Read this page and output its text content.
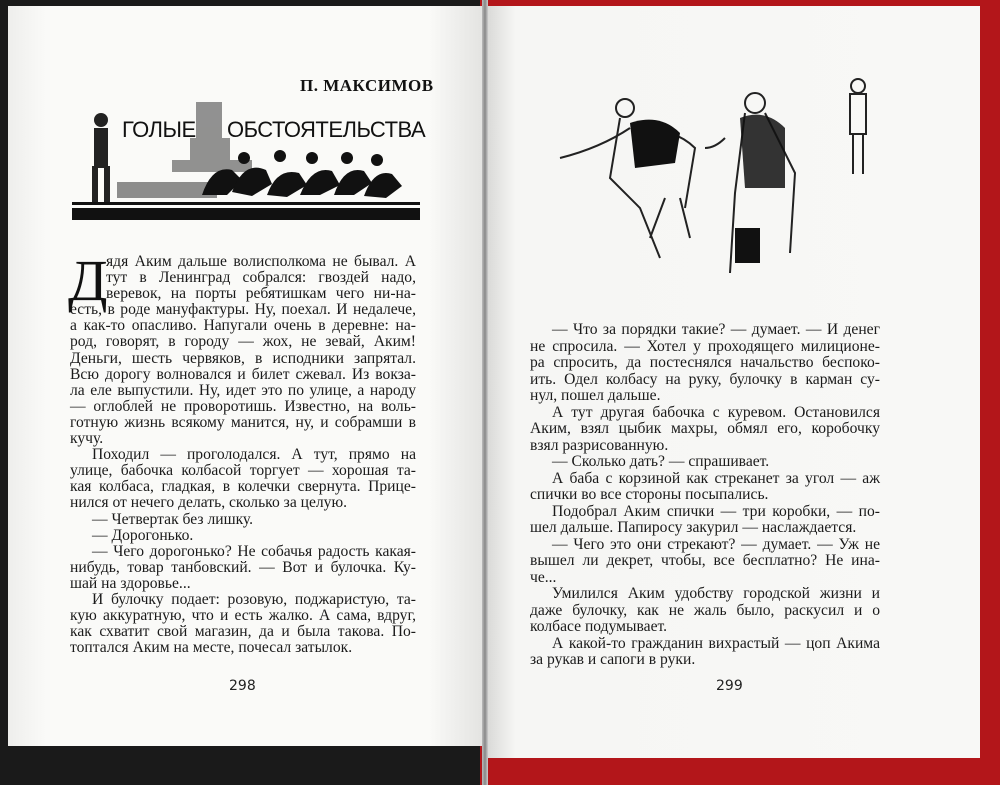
П. МАКСИМОВ
ГОЛЫЕ ОБСТОЯТЕЛЬСТВА
Д
ядя Аким дальше волисполкома не бывал. А
тут в Ленинград собрался: гвоздей надо,
веревок, на порты ребятишкам чего ни-на-
есть, в роде мануфактуры. Ну, поехал. И недалече,
а как-то опасливо. Напугали очень в деревне: на-
род, говорят, в городу — жох, не зевай, Аким!
Деньги, шесть червяков, в исподники запрятал.
Всю дорогу волновался и билет сжевал. Из вокза-
ла еле выпустили. Ну, идет это по улице, а народу
— оглоблей не проворотишь. Известно, на воль-
готную жизнь всякому манится, ну, и собрамши в
кучу.
Походил — проголодался. А тут, прямо на
улице, бабочка колбасой торгует — хорошая та-
кая колбаса, гладкая, в колечки свернута. Прице-
нился от нечего делать, сколько за целую.
— Четвертак без лишку.
— Дорогонько.
— Чего дорогонько? Не собачья радость какая-
нибудь, товар танбовский. — Вот и булочка. Ку-
шай на здоровье...
И булочку подает: розовую, поджаристую, та-
кую аккуратную, что и есть жалко. А сама, вдруг,
как схватит свой магазин, да и была такова. По-
топтался Аким на месте, почесал затылок.
— Что за порядки такие? — думает. — И денег
не спросила. — Хотел у проходящего милиционе-
ра спросить, да постеснялся начальство беспоко-
ить. Одел колбасу на руку, булочку в карман су-
нул, пошел дальше.
А тут другая бабочка с куревом. Остановился
Аким, взял цыбик махры, обмял его, коробочку
взял разрисованную.
— Сколько дать? — спрашивает.
А баба с корзиной как стреканет за угол — аж
спички во все стороны посыпались.
Подобрал Аким спички — три коробки, — по-
шел дальше. Папиросу закурил — наслаждается.
— Чего это они стрекают? — думает. — Уж не
вышел ли декрет, чтобы, все бесплатно? Не ина-
че...
Умилился Аким удобству городской жизни и
даже булочку, как не жаль было, раскусил и о
колбасе подумывает.
А какой-то гражданин вихрастый — цоп Акима
за рукав и сапоги в руки.
298	299
